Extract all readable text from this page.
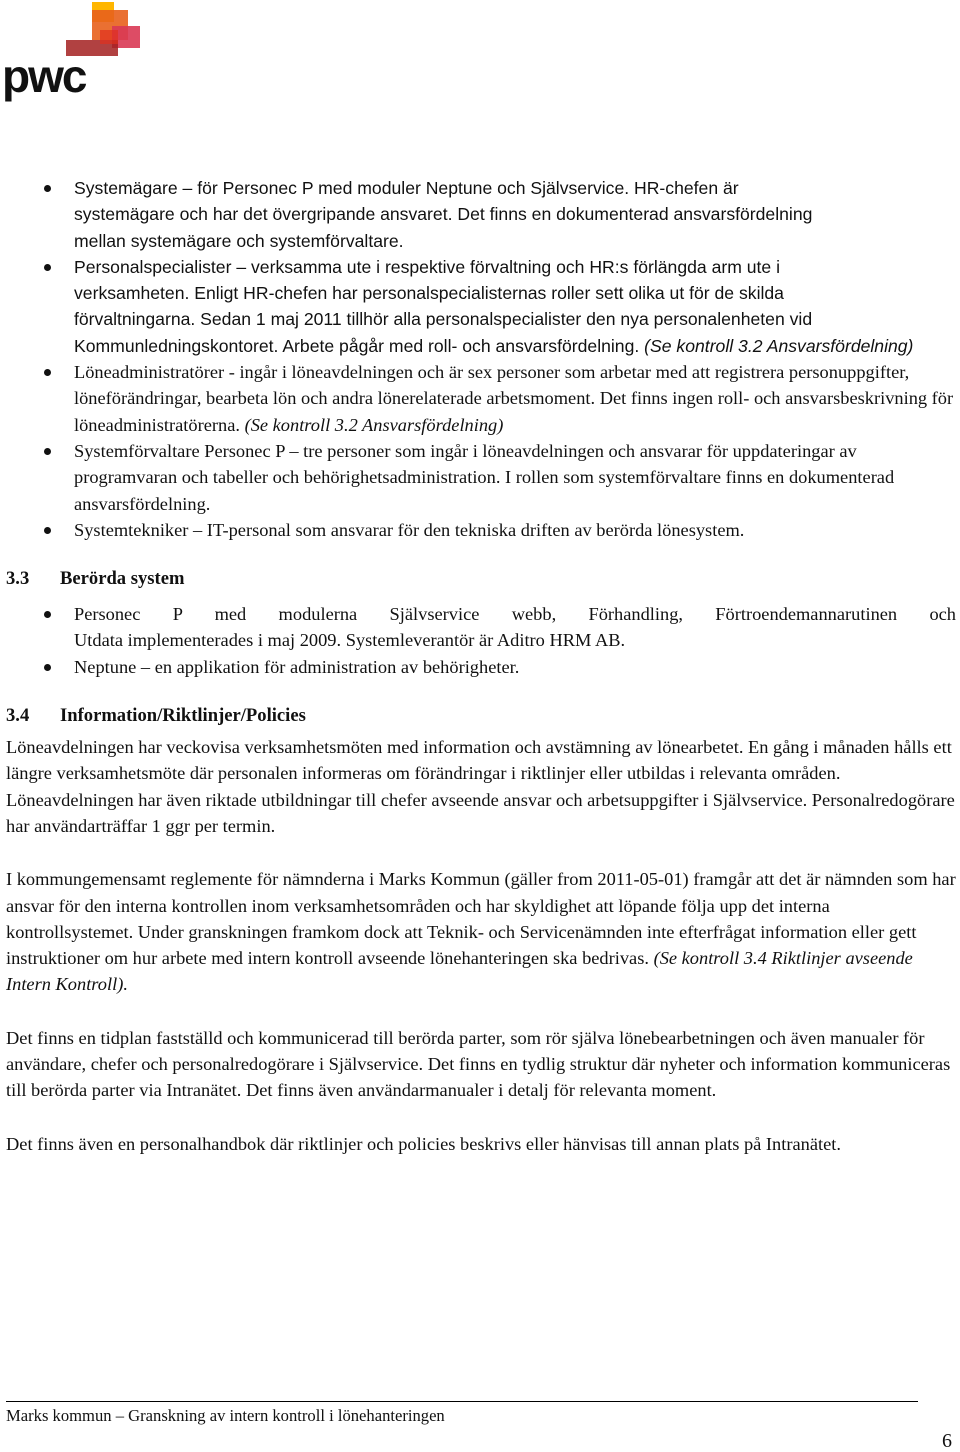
pwc
Systemägare – för Personec P med moduler Neptune och Självservice. HR-chefen är
systemägare och har det övergripande ansvaret. Det finns en dokumenterad ansvarsfördelning
mellan systemägare och systemförvaltare.
Personalspecialister – verksamma ute i respektive förvaltning och HR:s förlängda arm ute i
verksamheten. Enligt HR-chefen har personalspecialisternas roller sett olika ut för de skilda
förvaltningarna. Sedan 1 maj 2011 tillhör alla personalspecialister den nya personalenheten vid
Kommunledningskontoret. Arbete pågår med roll- och ansvarsfördelning. (Se kontroll 3.2 Ansvarsfördelning)
Löneadministratörer - ingår i löneavdelningen och är sex personer som arbetar med att registrera personuppgifter, löneförändringar, bearbeta lön och andra lönerelaterade arbetsmoment. Det finns ingen roll- och ansvarsbeskrivning för löneadministratörerna. (Se kontroll 3.2 Ansvarsfördelning)
Systemförvaltare Personec P – tre personer som ingår i löneavdelningen och ansvarar för uppdateringar av programvaran och tabeller och behörighetsadministration. I rollen som systemförvaltare finns en dokumenterad ansvarsfördelning.
Systemtekniker – IT-personal som ansvarar för den tekniska driften av berörda lönesystem.
3.3 Berörda system
Personec P med modulerna Självservice webb, Förhandling, Förtroendemannarutinen och
Utdata implementerades i maj 2009. Systemleverantör är Aditro HRM AB.
Neptune – en applikation för administration av behörigheter.
3.4 Information/Riktlinjer/Policies

Löneavdelningen har veckovisa verksamhetsmöten med information och avstämning av lönearbetet. En gång i månaden hålls ett längre verksamhetsmöte där personalen informeras om förändringar i riktlinjer eller utbildas i relevanta områden. Löneavdelningen har även riktade utbildningar till chefer avseende ansvar och arbetsuppgifter i Självservice. Personalredogörare har användarträffar 1 ggr per termin.

I kommungemensamt reglemente för nämnderna i Marks Kommun (gäller from 2011-05-01) framgår att det är nämnden som har ansvar för den interna kontrollen inom verksamhetsområden och har skyldighet att löpande följa upp det interna kontrollsystemet. Under granskningen framkom dock att Teknik- och Servicenämnden inte efterfrågat information eller gett instruktioner om hur arbete med intern kontroll avseende lönehanteringen ska bedrivas. (Se kontroll 3.4 Riktlinjer avseende Intern Kontroll).

Det finns en tidplan fastställd och kommunicerad till berörda parter, som rör själva lönebearbetningen och även manualer för användare, chefer och personalredogörare i Självservice. Det finns en tydlig struktur där nyheter och information kommuniceras till berörda parter via Intranätet. Det finns även användarmanualer i detalj för relevanta moment.

Det finns även en personalhandbok där riktlinjer och policies beskrivs eller hänvisas till annan plats på Intranätet.

Marks kommun – Granskning av intern kontroll i lönehanteringen
6
